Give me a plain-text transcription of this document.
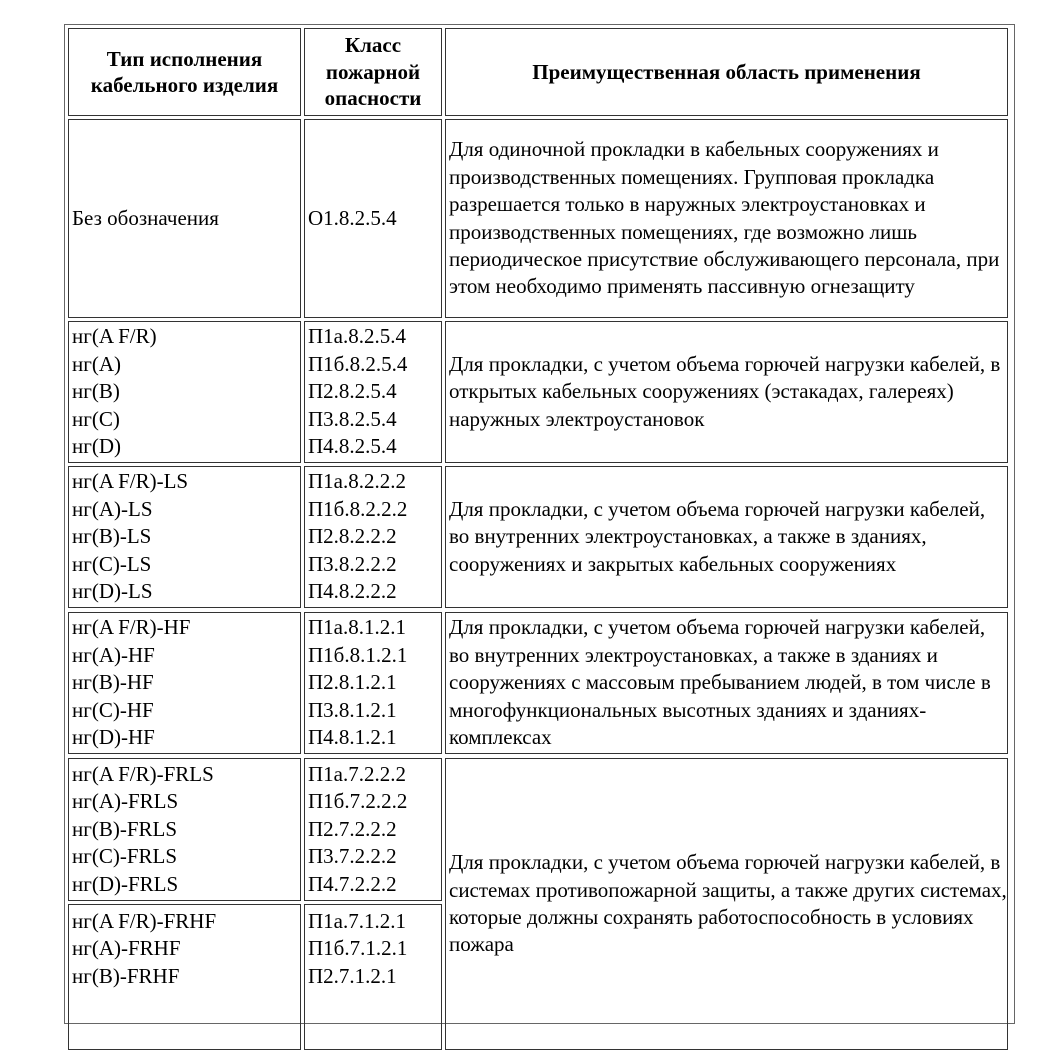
Тип исполнения кабельного изделия
Класс пожарной опасности
Преимущественная область применения
Без обозначения	О1.8.2.5.4
Для одиночной прокладки в кабельных сооружениях и производственных помещениях. Групповая прокладка разрешается только в наружных электроустановках и производственных помещениях, где возможно лишь периодическое присутствие обслуживающего персонала, при этом необходимо применять пассивную огнезащиту
нг(A F/R)
нг(A)
нг(B)
нг(C)
нг(D)
П1а.8.2.5.4
П1б.8.2.5.4
П2.8.2.5.4
П3.8.2.5.4
П4.8.2.5.4
Для прокладки, с учетом объема горючей нагрузки кабелей, в открытых кабельных сооружениях (эстакадах, галереях) наружных электроустановок
нг(A F/R)-LS
нг(A)-LS
нг(B)-LS
нг(C)-LS
нг(D)-LS
П1а.8.2.2.2
П1б.8.2.2.2
П2.8.2.2.2
П3.8.2.2.2
П4.8.2.2.2
Для прокладки, с учетом объема горючей нагрузки кабелей, во внутренних электроустановках, а также в зданиях, сооружениях и закрытых кабельных сооружениях
нг(A F/R)-HF
нг(A)-HF
нг(B)-HF
нг(C)-HF
нг(D)-HF
П1а.8.1.2.1
П1б.8.1.2.1
П2.8.1.2.1
П3.8.1.2.1
П4.8.1.2.1
Для прокладки, с учетом объема горючей нагрузки кабелей, во внутренних электроустановках, а также в зданиях и сооружениях с массовым пребыванием людей, в том числе в многофункциональных высотных зданиях и зданиях-комплексах
нг(A F/R)-FRLS
нг(A)-FRLS
нг(B)-FRLS
нг(C)-FRLS
нг(D)-FRLS
П1а.7.2.2.2
П1б.7.2.2.2
П2.7.2.2.2
П3.7.2.2.2
П4.7.2.2.2
Для прокладки, с учетом объема горючей нагрузки кабелей, в системах противопожарной защиты, а также других системах, которые должны сохранять работоспособность в условиях пожара
нг(A F/R)-FRHF
нг(A)-FRHF
нг(B)-FRHF
П1а.7.1.2.1
П1б.7.1.2.1
П2.7.1.2.1
